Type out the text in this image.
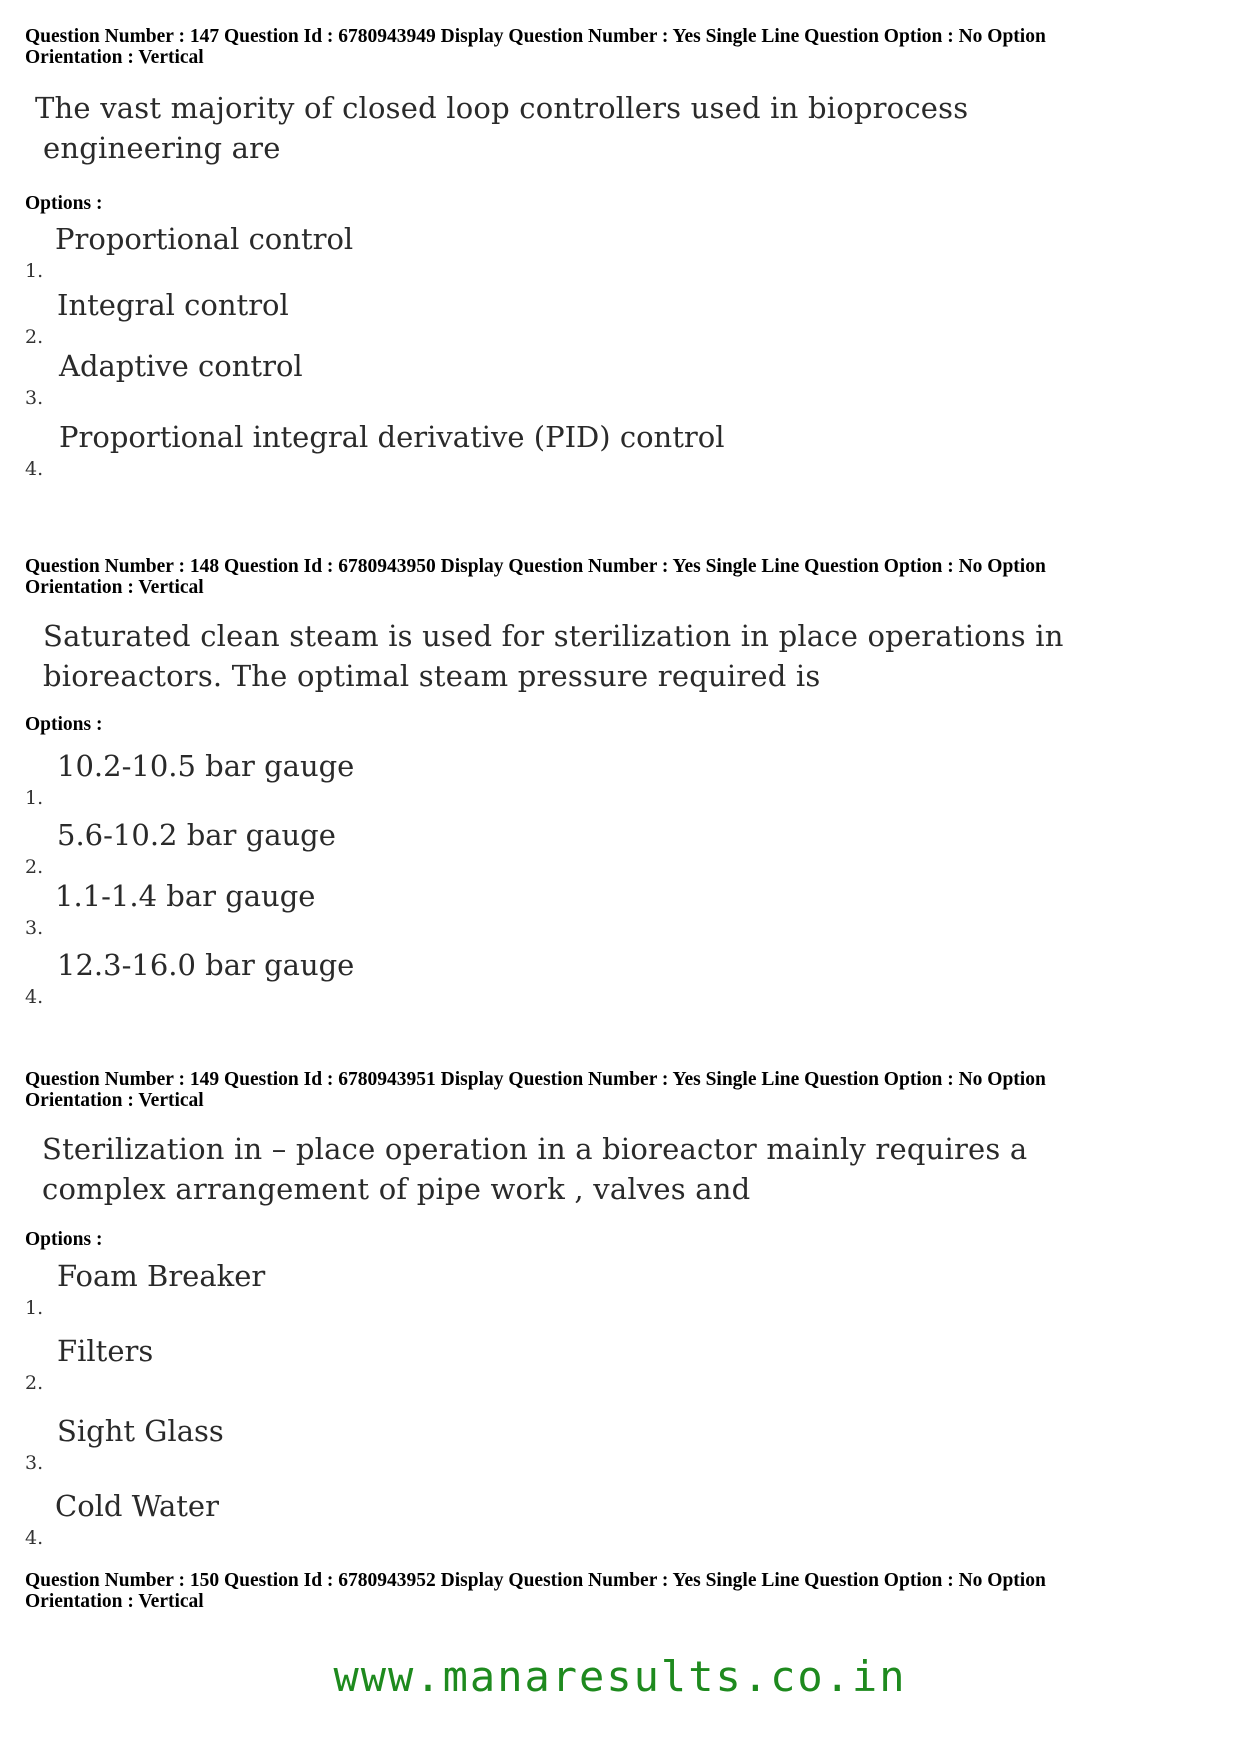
Question Number : 147 Question Id : 6780943949 Display Question Number : Yes Single Line Question Option : No Option
Orientation : Vertical

The vast majority of closed loop controllers used in bioprocess
engineering are

Options :

1.
Proportional control
2.
Integral control
3.
Adaptive control
4.
Proportional integral derivative (PID) control

Question Number : 148 Question Id : 6780943950 Display Question Number : Yes Single Line Question Option : No Option
Orientation : Vertical

Saturated clean steam is used for sterilization in place operations in
bioreactors. The optimal steam pressure required is

Options :

1.
10.2-10.5 bar gauge
2.
5.6-10.2 bar gauge
3.
1.1-1.4 bar gauge
4.
12.3-16.0 bar gauge

Question Number : 149 Question Id : 6780943951 Display Question Number : Yes Single Line Question Option : No Option
Orientation : Vertical

Sterilization in – place operation in a bioreactor mainly requires a
complex arrangement of pipe work , valves and

Options :

1.
Foam Breaker
2.
Filters
3.
Sight Glass
4.
Cold Water

Question Number : 150 Question Id : 6780943952 Display Question Number : Yes Single Line Question Option : No Option
Orientation : Vertical

www.manaresults.co.in
